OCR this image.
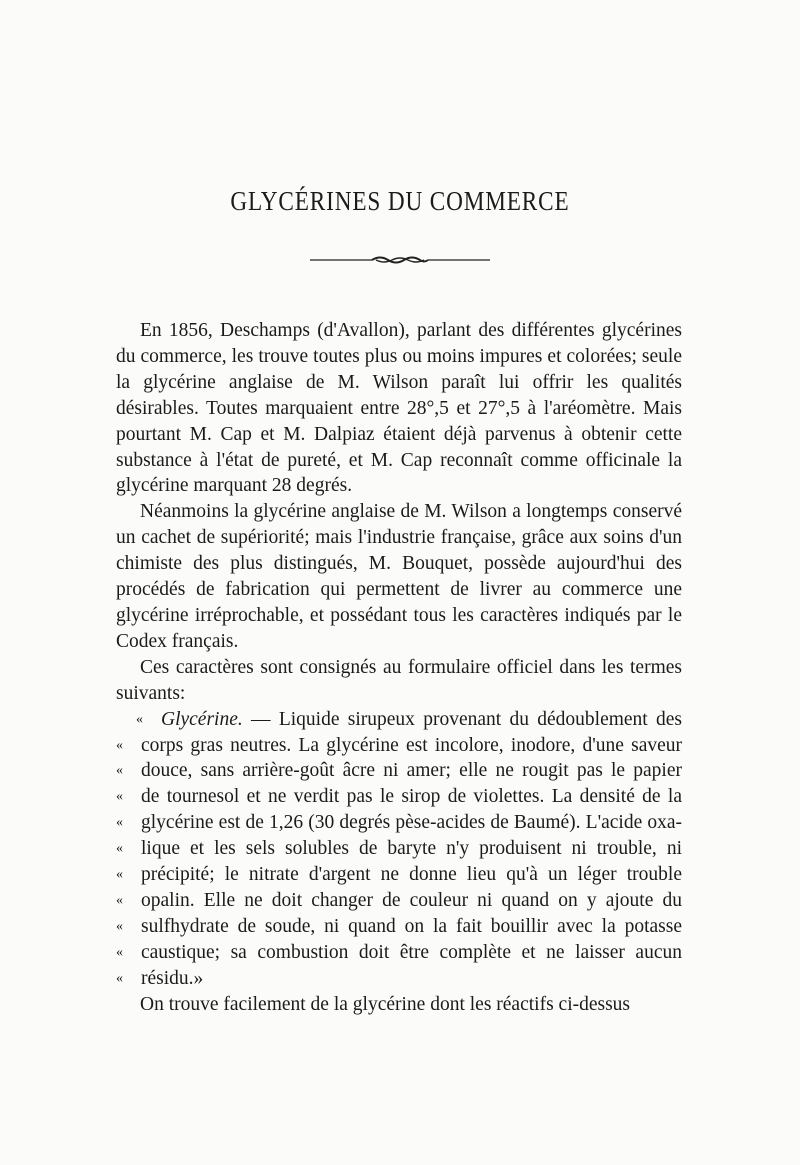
GLYCÉRINES DU COMMERCE

En 1856, Deschamps (d'Avallon), parlant des différentes glycérines du commerce, les trouve toutes plus ou moins impures et colorées; seule la glycérine anglaise de M. Wilson paraît lui offrir les qualités désirables. Toutes marquaient entre 28°,5 et 27°,5 à l'aréomètre. Mais pourtant M. Cap et M. Dalpiaz étaient déjà parvenus à obtenir cette substance à l'état de pureté, et M. Cap reconnaît comme officinale la glycérine marquant 28 degrés.

Néanmoins la glycérine anglaise de M. Wilson a longtemps conservé un cachet de supériorité; mais l'industrie française, grâce aux soins d'un chimiste des plus distingués, M. Bouquet, possède aujourd'hui des procédés de fabrication qui permettent de livrer au commerce une glycérine irréprochable, et possédant tous les caractères indiqués par le Codex français.

Ces caractères sont consignés au formulaire officiel dans les termes suivants:

« Glycérine. — Liquide sirupeux provenant du dédoublement des
« corps gras neutres. La glycérine est incolore, inodore, d'une saveur
« douce, sans arrière-goût âcre ni amer; elle ne rougit pas le papier
« de tournesol et ne verdit pas le sirop de violettes. La densité de la
« glycérine est de 1,26 (30 degrés pèse-acides de Baumé). L'acide oxa-
« lique et les sels solubles de baryte n'y produisent ni trouble, ni
« précipité; le nitrate d'argent ne donne lieu qu'à un léger trouble
« opalin. Elle ne doit changer de couleur ni quand on y ajoute du
« sulfhydrate de soude, ni quand on la fait bouillir avec la potasse
« caustique; sa combustion doit être complète et ne laisser aucun
« résidu.»

On trouve facilement de la glycérine dont les réactifs ci-dessus
